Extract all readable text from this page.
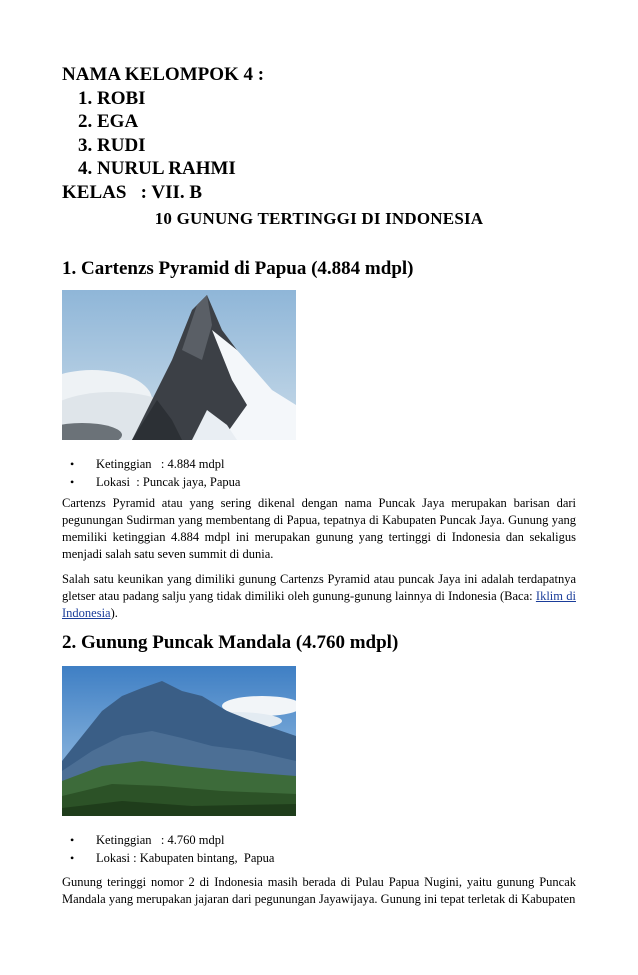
NAMA KELOMPOK 4 :
1. ROBI
2. EGA
3. RUDI
4. NURUL RAHMI
KELAS   : VII. B
10 GUNUNG TERTINGGI DI INDONESIA
1. Cartenzs Pyramid di Papua (4.884 mdpl)
• Ketinggian   : 4.884 mdpl
• Lokasi  : Puncak jaya, Papua

Cartenzs Pyramid atau yang sering dikenal dengan nama Puncak Jaya merupakan barisan dari pegunungan Sudirman yang membentang di Papua, tepatnya di Kabupaten Puncak Jaya. Gunung yang memiliki ketinggian 4.884 mdpl ini merupakan gunung yang tertinggi di Indonesia dan sekaligus menjadi salah satu seven summit di dunia.

Salah satu keunikan yang dimiliki gunung Cartenzs Pyramid atau puncak Jaya ini adalah terdapatnya gletser atau padang salju yang tidak dimiliki oleh gunung-gunung lainnya di Indonesia (Baca: Iklim di Indonesia).

2. Gunung Puncak Mandala (4.760 mdpl)
• Ketinggian   : 4.760 mdpl
• Lokasi : Kabupaten bintang,  Papua

Gunung teringgi nomor 2 di Indonesia masih berada di Pulau Papua Nugini, yaitu gunung Puncak Mandala yang merupakan jajaran dari pegunungan Jayawijaya. Gunung ini tepat terletak di Kabupaten
